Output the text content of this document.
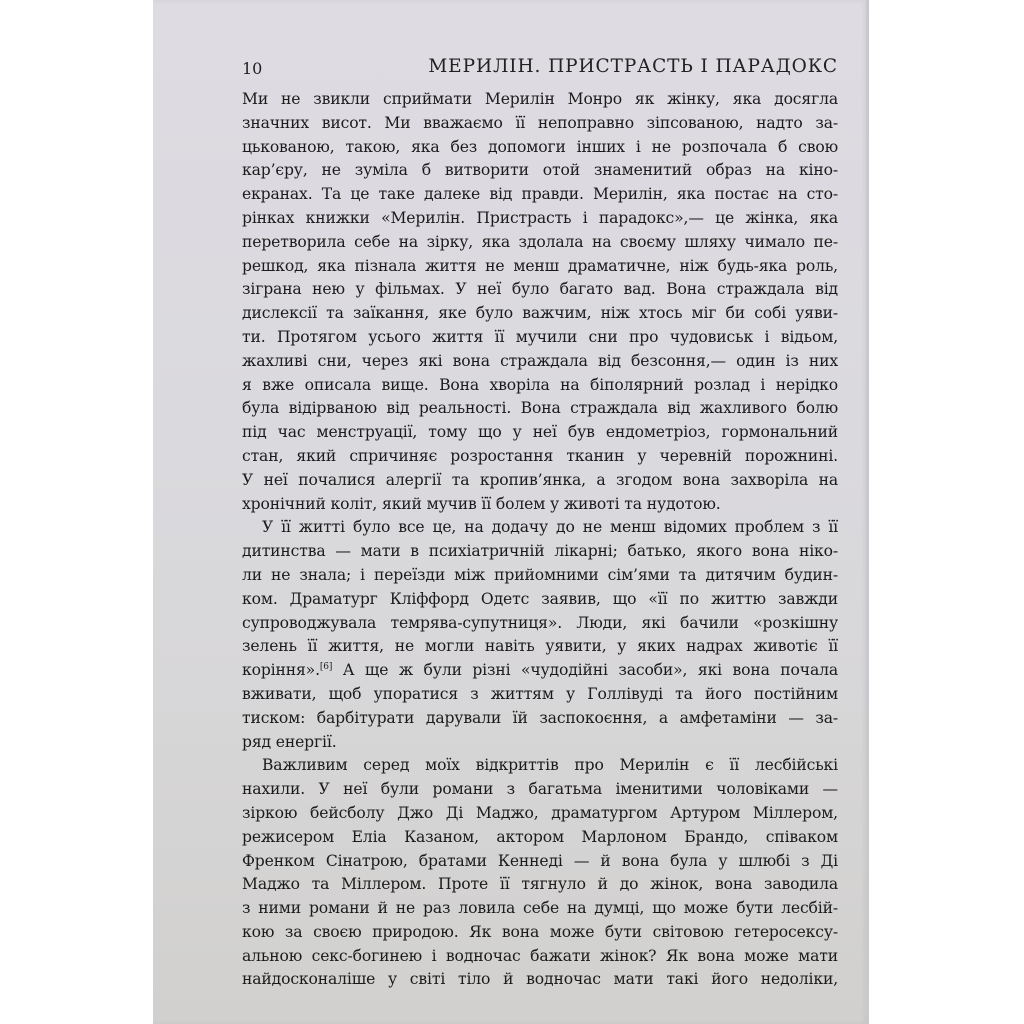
10	МЕРИЛІН. ПРИСТРАСТЬ І ПАРАДОКС
Ми не звикли сприймати Мерилін Монро як жінку, яка досягла
значних висот. Ми вважаємо її непоправно зіпсованою, надто за-
цькованою, такою, яка без допомоги інших і не розпочала б свою
кар’єру, не зуміла б витворити отой знаменитий образ на кіно-
екранах. Та це таке далеке від правди. Мерилін, яка постає на сто-
рінках книжки «Мерилін. Пристрасть і парадокс»,— це жінка, яка
перетворила себе на зірку, яка здолала на своєму шляху чимало пе-
решкод, яка пізнала життя не менш драматичне, ніж будь-яка роль,
зіграна нею у фільмах. У неї було багато вад. Вона страждала від
дислексії та заїкання, яке було важчим, ніж хтось міг би собі уяви-
ти. Протягом усього життя її мучили сни про чудовиськ і відьом,
жахливі сни, через які вона страждала від безсоння,— один із них
я вже описала вище. Вона хворіла на біполярний розлад і нерідко
була відірваною від реальності. Вона страждала від жахливого болю
під час менструації, тому що у неї був ендометріоз, гормональний
стан, який спричиняє розростання тканин у черевній порожнині.
У неї почалися алергії та кропив’янка, а згодом вона захворіла на
хронічний коліт, який мучив її болем у животі та нудотою.
У її житті було все це, на додачу до не менш відомих проблем з її
дитинства — мати в психіатричній лікарні; батько, якого вона ніко-
ли не знала; і переїзди між прийомними сім’ями та дитячим будин-
ком. Драматург Кліффорд Одетс заявив, що «її по життю завжди
супроводжувала темрява-супутниця». Люди, які бачили «розкішну
зелень її життя, не могли навіть уявити, у яких надрах животіє її
коріння».[6] А ще ж були різні «чудодійні засоби», які вона почала
вживати, щоб упоратися з життям у Голлівуді та його постійним
тиском: барбітурати дарували їй заспокоєння, а амфетаміни — за-
ряд енергії.
Важливим серед моїх відкриттів про Мерилін є її лесбійські
нахили. У неї були романи з багатьма іменитими чоловіками —
зіркою бейсболу Джо Ді Маджо, драматургом Артуром Міллером,
режисером Еліа Казаном, актором Марлоном Брандо, співаком
Френком Сінатрою, братами Кеннеді — й вона була у шлюбі з Ді
Маджо та Міллером. Проте її тягнуло й до жінок, вона заводила
з ними романи й не раз ловила себе на думці, що може бути лесбій-
кою за своєю природою. Як вона може бути світовою гетеросексу-
альною секс-богинею і водночас бажати жінок? Як вона може мати
найдосконаліше у світі тіло й водночас мати такі його недоліки,
